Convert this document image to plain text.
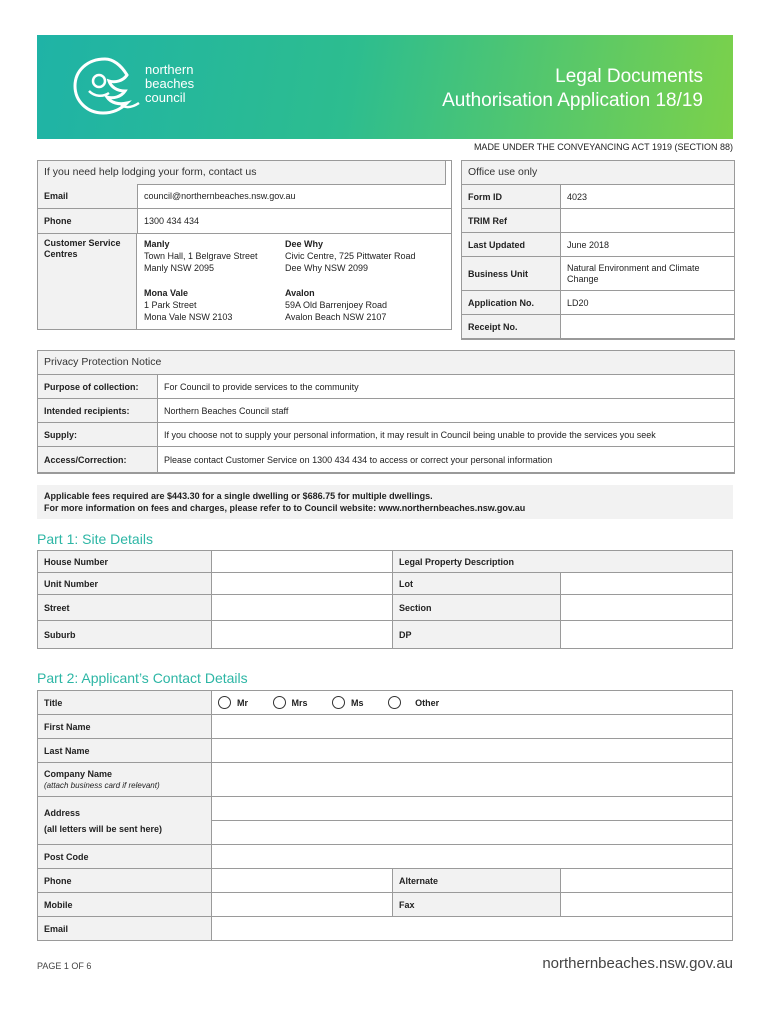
northern
beaches
council
Legal Documents
Authorisation Application 18/19
MADE UNDER THE CONVEYANCING ACT 1919 (SECTION 88)
If you need help lodging your form, contact us
Email	council@northernbeaches.nsw.gov.au
Phone	1300 434 434
Customer Service Centres
Manly
Town Hall, 1 Belgrave Street
Manly NSW 2095
Dee Why
Civic Centre, 725 Pittwater Road
Dee Why NSW 2099
Mona Vale
1 Park Street
Mona Vale NSW 2103
Avalon
59A Old Barrenjoey Road
Avalon Beach NSW 2107
Office use only
Form ID	4023
TRIM Ref	
Last Updated	June 2018
Business Unit	Natural Environment and Climate Change
Application No.	LD20
Receipt No.	
Privacy Protection Notice
Purpose of collection:	For Council to provide services to the community
Intended recipients:	Northern Beaches Council staff
Supply:	If you choose not to supply your personal information, it may result in Council being unable to provide the services you seek
Access/Correction:	Please contact Customer Service on 1300 434 434 to access or correct your personal information
Applicable fees required are $443.30 for a single dwelling or $686.75 for multiple dwellings.
For more information on fees and charges, please refer to to Council website: www.northernbeaches.nsw.gov.au
Part 1: Site Details
House Number		Legal Property Description	
Unit Number		Lot	
Street		Section	
Suburb		DP	
Part 2: Applicant’s Contact Details
Title	Mr Mrs Ms Other		
First Name			
Last Name			

Company Name
(attach business card if relevant)			

Address
(all letters will be sent here)			

Post Code			
Phone		Alternate	
Mobile		Fax	
Email			
PAGE 1 OF 6	northernbeaches.nsw.gov.au
